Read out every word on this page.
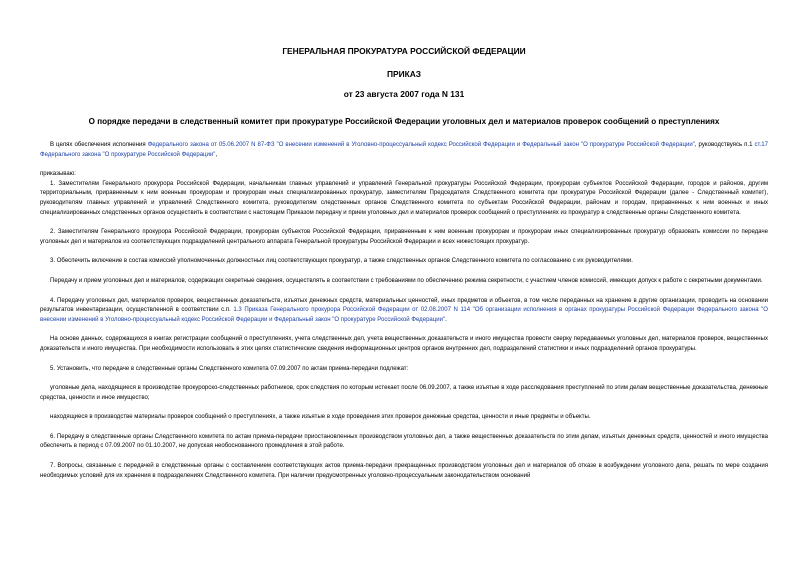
ГЕНЕРАЛЬНАЯ ПРОКУРАТУРА РОССИЙСКОЙ ФЕДЕРАЦИИ
ПРИКАЗ
от 23 августа 2007 года N 131
О порядке передачи в следственный комитет при прокуратуре Российской Федерации уголовных дел и материалов проверок сообщений о преступлениях

В целях обеспечения исполнения Федерального закона от 05.06.2007 N 87-ФЗ "О внесении изменений в Уголовно-процессуальный кодекс Российской Федерации и Федеральный закон "О прокуратуре Российской Федерации", руководствуясь п.1 ст.17 Федерального закона "О прокуратуре Российской Федерации",

приказываю:

1. Заместителям Генерального прокурора Российской Федерации, начальникам главных управлений и управлений Генеральной прокуратуры Российской Федерации, прокурорам субъектов Российской Федерации, городов и районов, другим территориальным, приравненным к ним военным прокурорам и прокурорам иных специализированных прокуратур, заместителям Председателя Следственного комитета при прокуратуре Российской Федерации (далее - Следственный комитет), руководителям главных управлений и управлений Следственного комитета, руководителям следственных органов Следственного комитета по субъектам Российской Федерации, районам и городам, приравненных к ним военных и иных специализированных следственных органов осуществить в соответствии с настоящим Приказом передачу и прием уголовных дел и материалов проверок сообщений о преступлениях из прокуратур в следственные органы Следственного комитета.

2. Заместителям Генерального прокурора Российской Федерации, прокурорам субъектов Российской Федерации, приравненным к ним военным прокурорам и прокурорам иных специализированных прокуратур образовать комиссии по передаче уголовных дел и материалов из соответствующих подразделений центрального аппарата Генеральной прокуратуры Российской Федерации и всех нижестоящих прокуратур.

3. Обеспечить включение в состав комиссий уполномоченных должностных лиц соответствующих прокуратур, а также следственных органов Следственного комитета по согласованию с их руководителями.

Передачу и прием уголовных дел и материалов, содержащих секретные сведения, осуществлять в соответствии с требованиями по обеспечению режима секретности, с участием членов комиссий, имеющих допуск к работе с секретными документами.

4. Передачу уголовных дел, материалов проверок, вещественных доказательств, изъятых денежных средств, материальных ценностей, иных предметов и объектов, в том числе переданных на хранение в другие организации, проводить на основании результатов инвентаризации, осуществленной в соответствии с.п. 1.3 Приказа Генерального прокурора Российской Федерации от 02.08.2007 N 114 "Об организации исполнения в органах прокуратуры Российской Федерации Федерального закона "О внесении изменений в Уголовно-процессуальный кодекс Российской Федерации и Федеральный закон "О прокуратуре Российской Федерации".

На основе данных, содержащихся в книгах регистрации сообщений о преступлениях, учета следственных дел, учета вещественных доказательств и иного имущества провести сверку передаваемых уголовных дел, материалов проверок, вещественных доказательств и иного имущества. При необходимости использовать в этих целях статистические сведения информационных центров органов внутренних дел, подразделений статистики и иных подразделений органов прокуратуры.

5. Установить, что передаче в следственные органы Следственного комитета 07.09.2007 по актам приема-передачи подлежат:

уголовные дела, находящиеся в производстве прокурорско-следственных работников, срок следствия по которым истекает после 06.09.2007, а также изъятые в ходе расследования преступлений по этим делам вещественные доказательства, денежные средства, ценности и иное имущество;

находящиеся в производстве материалы проверок сообщений о преступлениях, а также изъятые в ходе проведения этих проверок денежные средства, ценности и иные предметы и объекты.

6. Передачу в следственные органы Следственного комитета по актам приема-передачи приостановленных производством уголовных дел, а также вещественных доказательств по этим делам, изъятых денежных средств, ценностей и иного имущества обеспечить в период с 07.09.2007 по 01.10.2007, не допуская необоснованного промедления в этой работе.

7. Вопросы, связанные с передачей в следственные органы с составлением соответствующих актов приема-передачи прекращенных производством уголовных дел и материалов об отказе в возбуждении уголовного дела, решать по мере создания необходимых условий для их хранения в подразделениях Следственного комитета. При наличии предусмотренных уголовно-процессуальным законодательством оснований
